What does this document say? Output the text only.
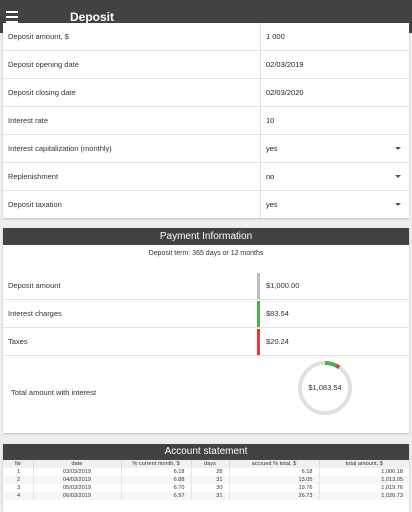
Deposit
Deposit amount, $	1 000
Deposit opening date	02/03/2019
Deposit closing date	02/03/2020
Interest rate	10
Interest capitalization (monthly)	yes
Replenishment	no
Deposit taxation	yes
Payment Information
Deposit term: 365 days or 12 months
Deposit amount	$1,000.00
Interest charges	$83.54
Taxes	$20.24
Total amount with interest
$1,083.54
Account statement
№	date	% current month, $	days	accrued % total, $	total amount, $
1	03/03/2019	6.18	28	6.18	1,006.18
2	04/03/2019	6.88	31	13.05	1,013.05
3	05/03/2019	6.70	30	19.76	1,019.76
4	06/03/2019	6.97	31	26.73	1,026.73
